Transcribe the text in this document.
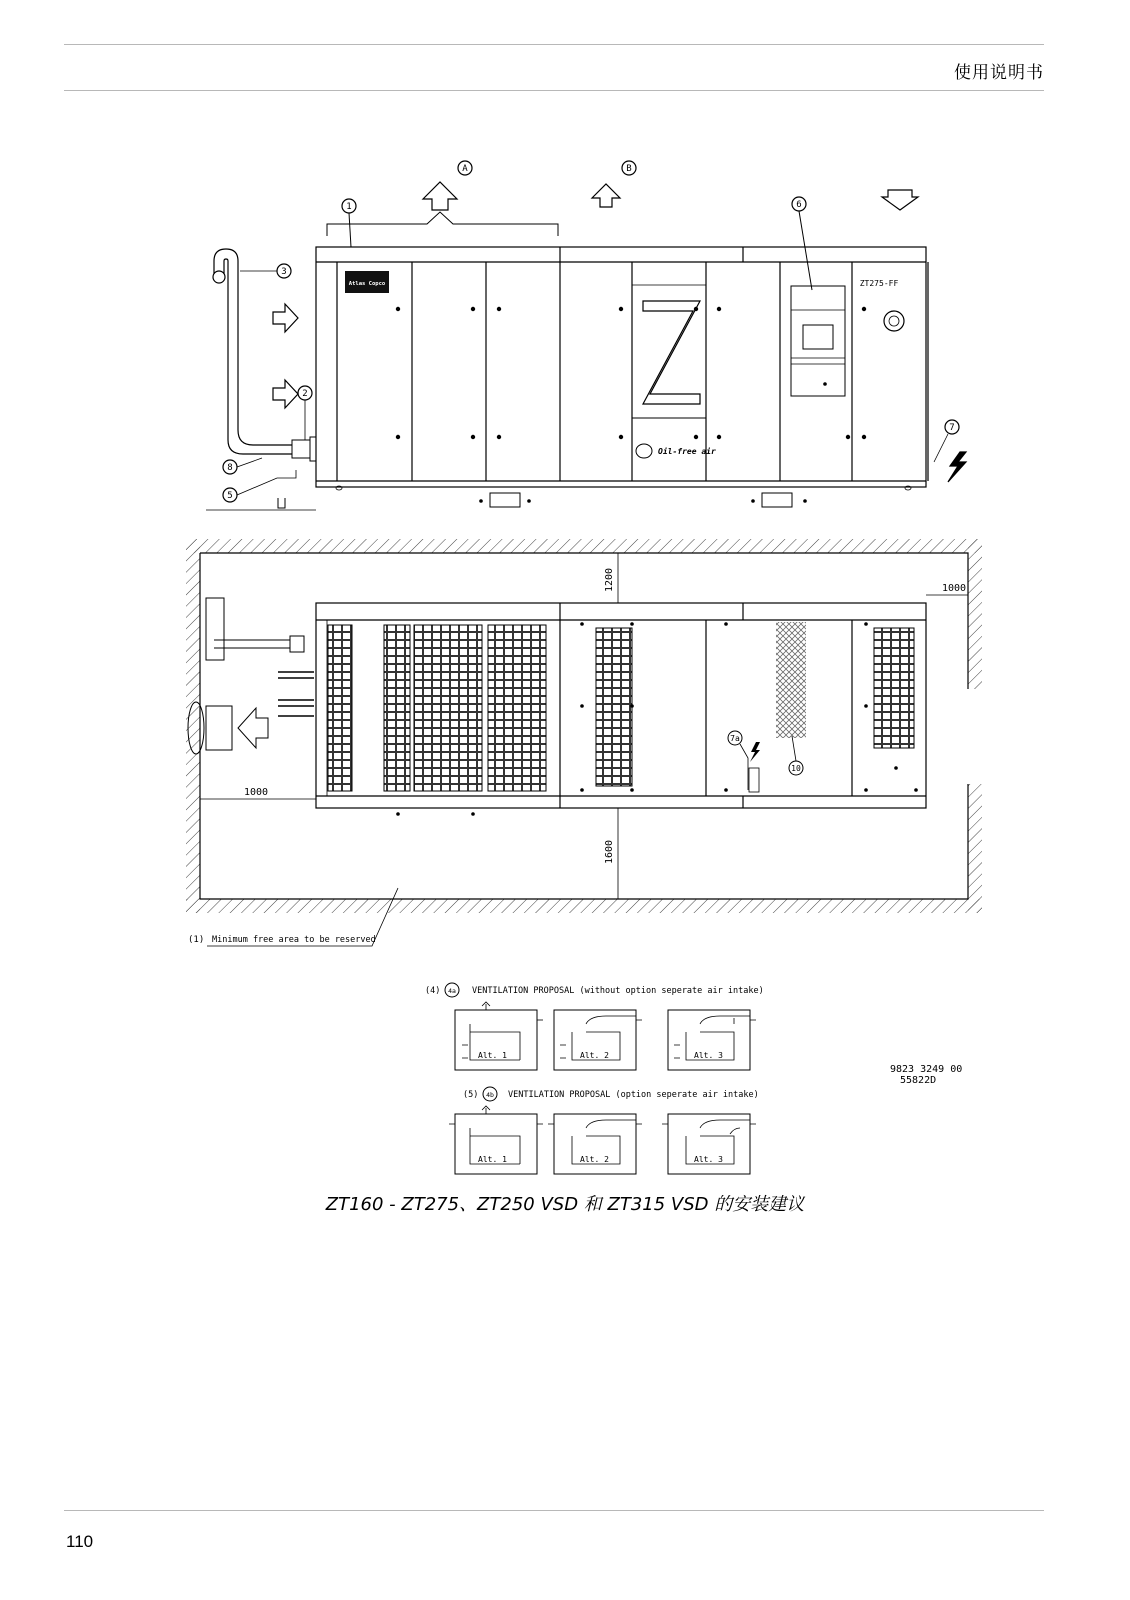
使用说明书
A	B
1	6
3
2
8
5
7
Atlas Copco	ZT275-FF
Oil-free air
1200
1600
1000
1000
7a
10
(1) Minimum free area to be reserved
(4) 4a VENTILATION PROPOSAL (without option seperate air intake)
(5) 4b VENTILATION PROPOSAL (option seperate air intake)
9823 3249 00
55822D
Alt. 1	Alt. 2	Alt. 3
Alt. 1	Alt. 2	Alt. 3
ZT160 - ZT275、ZT250 VSD 和 ZT315 VSD 的安装建议
110
